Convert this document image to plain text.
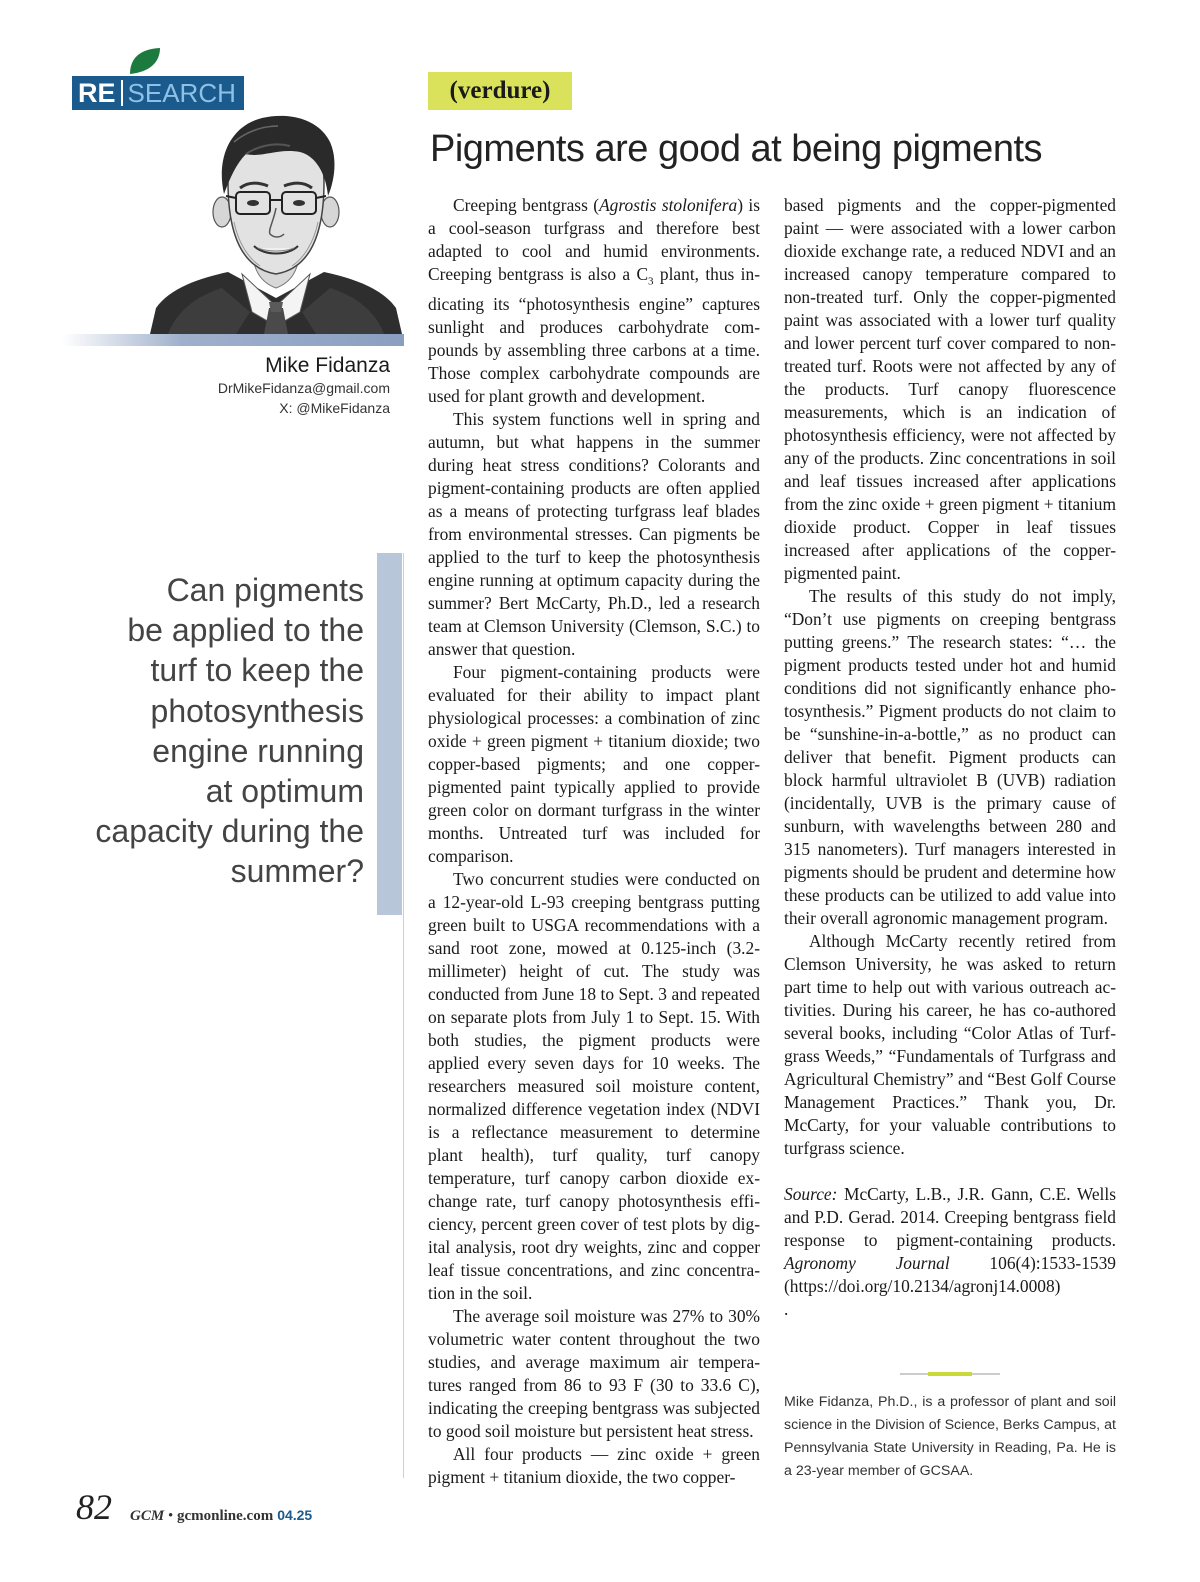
RE SEARCH	(verdure)
Pigments are good at being pigments
Mike Fidanza
DrMikeFidanza@gmail.com
X: @MikeFidanza
Can pigments
be applied to the
turf to keep the
photosynthesis
engine running
at optimum
capacity during the
summer?

Creeping bentgrass (Agrostis stolonifera) is a cool-season turfgrass and therefore best adapted to cool and humid environments. Creeping bentgrass is also a $C_3$ plant, thus indicating its “photosynthesis engine” captures sunlight and produces carbohydrate compounds by assembling three carbons at a time. Those complex carbohydrate compounds are used for plant growth and development.

This system functions well in spring and autumn, but what happens in the summer during heat stress conditions? Colorants and pigment-containing products are often applied as a means of protecting turfgrass leaf blades from environmental stresses. Can pigments be applied to the turf to keep the photosynthesis engine running at optimum capacity during the summer? Bert McCarty, Ph.D., led a research team at Clemson University (Clemson, S.C.) to answer that question.

Four pigment-containing products were evaluated for their ability to impact plant physiological processes: a combination of zinc oxide + green pigment + titanium dioxide; two copper-based pigments; and one copper-pigmented paint typically applied to provide green color on dormant turfgrass in the winter months. Untreated turf was included for comparison.

Two concurrent studies were conducted on a 12-year-old L-93 creeping bentgrass putting green built to USGA recommendations with a sand root zone, mowed at 0.125-inch (3.2-millimeter) height of cut. The study was conducted from June 18 to Sept. 3 and repeated on separate plots from July 1 to Sept. 15. With both studies, the pigment products were applied every seven days for 10 weeks. The researchers measured soil moisture content, normalized difference vegetation index (NDVI is a reflectance measurement to determine plant health), turf quality, turf canopy temperature, turf canopy carbon dioxide exchange rate, turf canopy photosynthesis efficiency, percent green cover of test plots by digital analysis, root dry weights, zinc and copper leaf tissue concentrations, and zinc concentration in the soil.

The average soil moisture was 27% to 30% volumetric water content throughout the two studies, and average maximum air temperatures ranged from 86 to 93 F (30 to 33.6 C), indicating the creeping bentgrass was subjected to good soil moisture but persistent heat stress.

All four products — zinc oxide + green pigment + titanium dioxide, the two copper-

based pigments and the copper-pigmented paint — were associated with a lower carbon dioxide exchange rate, a reduced NDVI and an increased canopy temperature compared to non-treated turf. Only the copper-pigmented paint was associated with a lower turf quality and lower percent turf cover compared to non-treated turf. Roots were not affected by any of the products. Turf canopy fluorescence measurements, which is an indication of photosynthesis efficiency, were not affected by any of the products. Zinc concentrations in soil and leaf tissues increased after applications from the zinc oxide + green pigment + titanium dioxide product. Copper in leaf tissues increased after applications of the copper-pigmented paint.

The results of this study do not imply, “Don’t use pigments on creeping bentgrass putting greens.” The research states: “… the pigment products tested under hot and humid conditions did not significantly enhance photosynthesis.” Pigment products do not claim to be “sunshine-in-a-bottle,” as no product can deliver that benefit. Pigment products can block harmful ultraviolet B (UVB) radiation (incidentally, UVB is the primary cause of sunburn, with wavelengths between 280 and 315 nanometers). Turf managers interested in pigments should be prudent and determine how these products can be utilized to add value into their overall agronomic management program.

Although McCarty recently retired from Clemson University, he was asked to return part time to help out with various outreach activities. During his career, he has co-authored several books, including “Color Atlas of Turfgrass Weeds,” “Fundamentals of Turfgrass and Agricultural Chemistry” and “Best Golf Course Management Practices.” Thank you, Dr. McCarty, for your valuable contributions to turfgrass science.

Source: McCarty, L.B., J.R. Gann, C.E. Wells and P.D. Gerad. 2014. Creeping bentgrass field response to pigment-containing products. Agronomy Journal 106(4):1533-1539 (https://doi.org/10.2134/agronj14.0008)

.

Mike Fidanza, Ph.D., is a professor of plant and soil science in the Division of Science, Berks Campus, at Pennsylvania State University in Reading, Pa. He is a 23-year member of GCSAA.
82 GCM • gcmonline.com 04.25
